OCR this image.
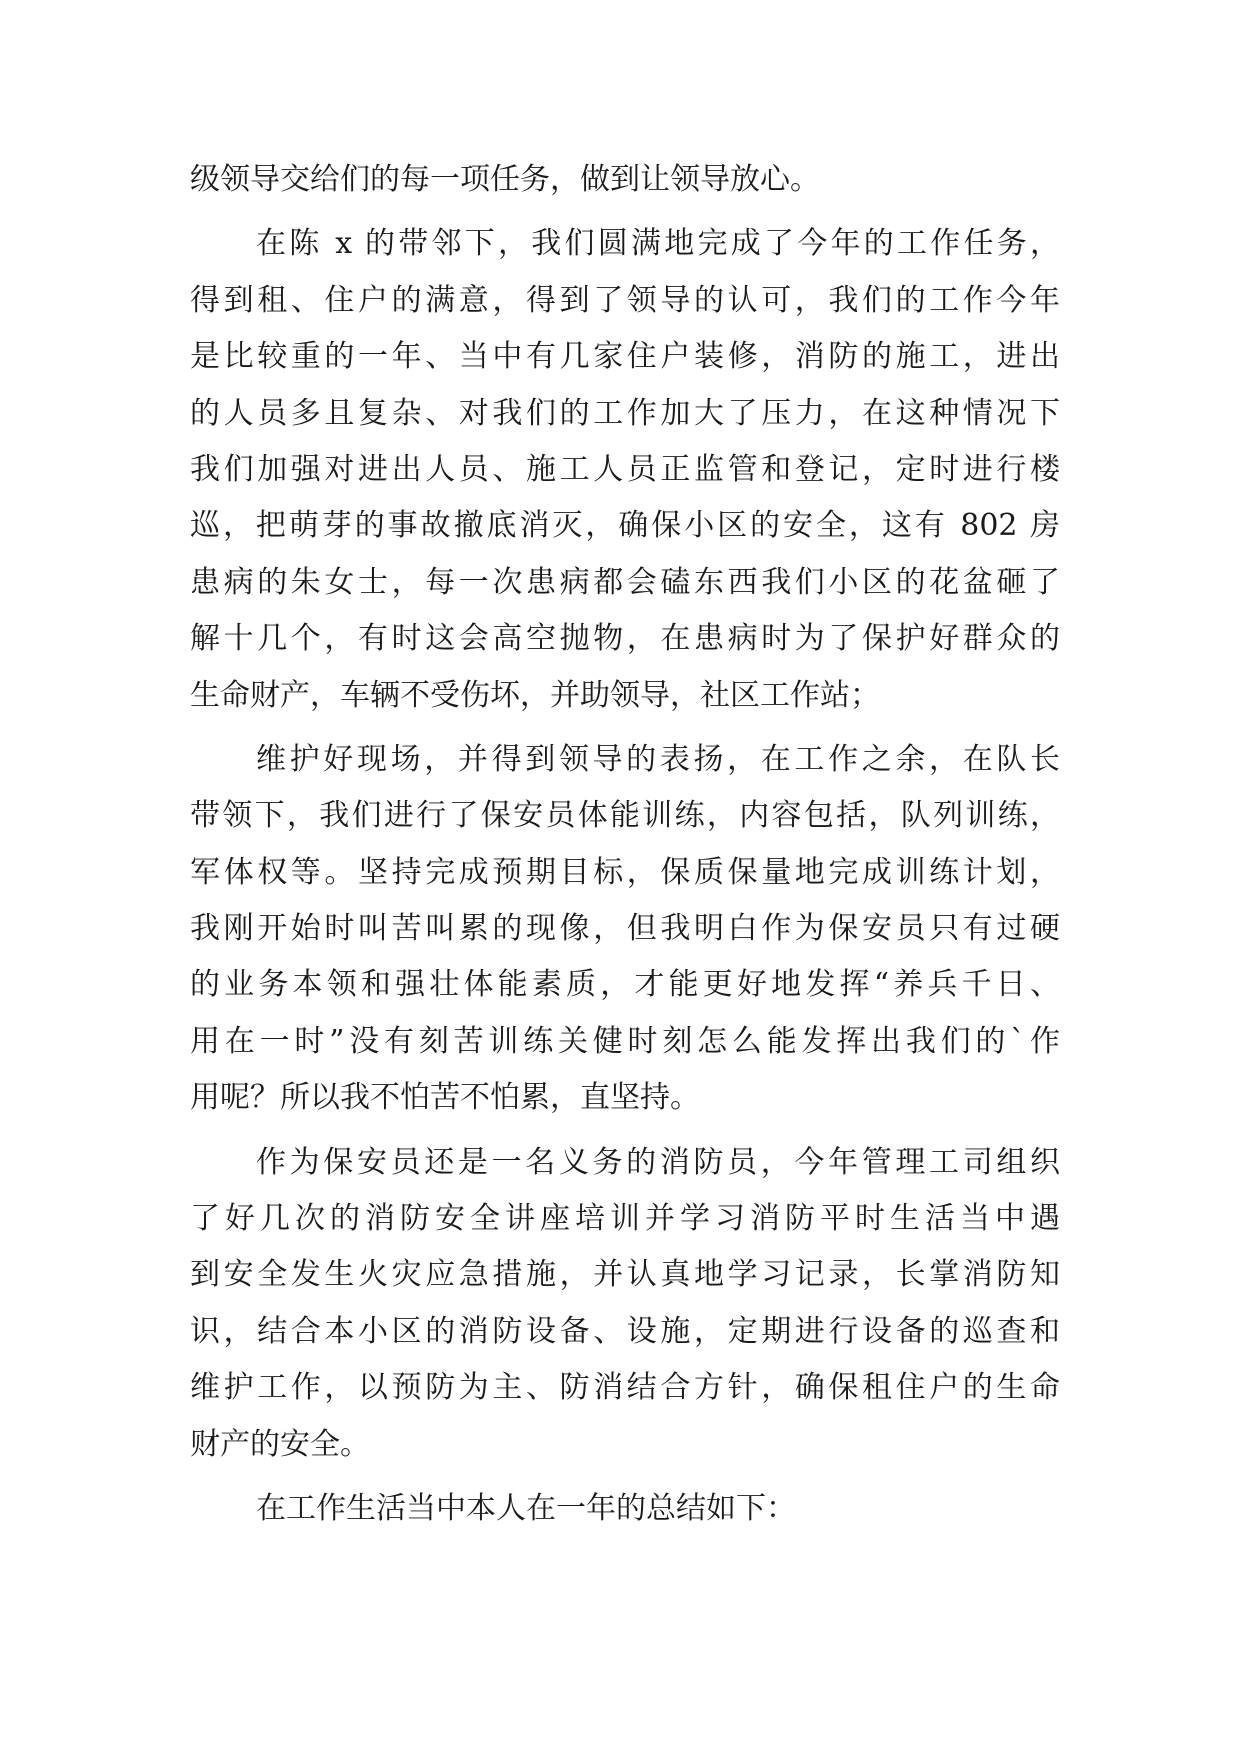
级领导交给们的每一项任务，做到让领导放心。
在陈 x 的带邻下，我们圆满地完成了今年的工作任务，
得到租、住户的满意，得到了领导的认可，我们的工作今年
是比较重的一年、当中有几家住户装修，消防的施工，进出
的人员多且复杂、对我们的工作加大了压力，在这种情况下
我们加强对进出人员、施工人员正监管和登记，定时进行楼
巡，把萌芽的事故撤底消灭，确保小区的安全，这有 802 房
患病的朱女士，每一次患病都会磕东西我们小区的花盆砸了
解十几个，有时这会高空抛物，在患病时为了保护好群众的
生命财产，车辆不受伤坏，并助领导，社区工作站；
维护好现场，并得到领导的表扬，在工作之余，在队长
带领下，我们进行了保安员体能训练，内容包括，队列训练，
军体权等。坚持完成预期目标，保质保量地完成训练计划，
我刚开始时叫苦叫累的现像，但我明白作为保安员只有过硬
的业务本领和强壮体能素质，才能更好地发挥“养兵千日、
用在一时”没有刻苦训练关健时刻怎么能发挥出我们的`作
用呢？所以我不怕苦不怕累，直坚持。
作为保安员还是一名义务的消防员，今年管理工司组织
了好几次的消防安全讲座培训并学习消防平时生活当中遇
到安全发生火灾应急措施，并认真地学习记录，长掌消防知
识，结合本小区的消防设备、设施，定期进行设备的巡查和
维护工作，以预防为主、防消结合方针，确保租住户的生命
财产的安全。
在工作生活当中本人在一年的总结如下：
